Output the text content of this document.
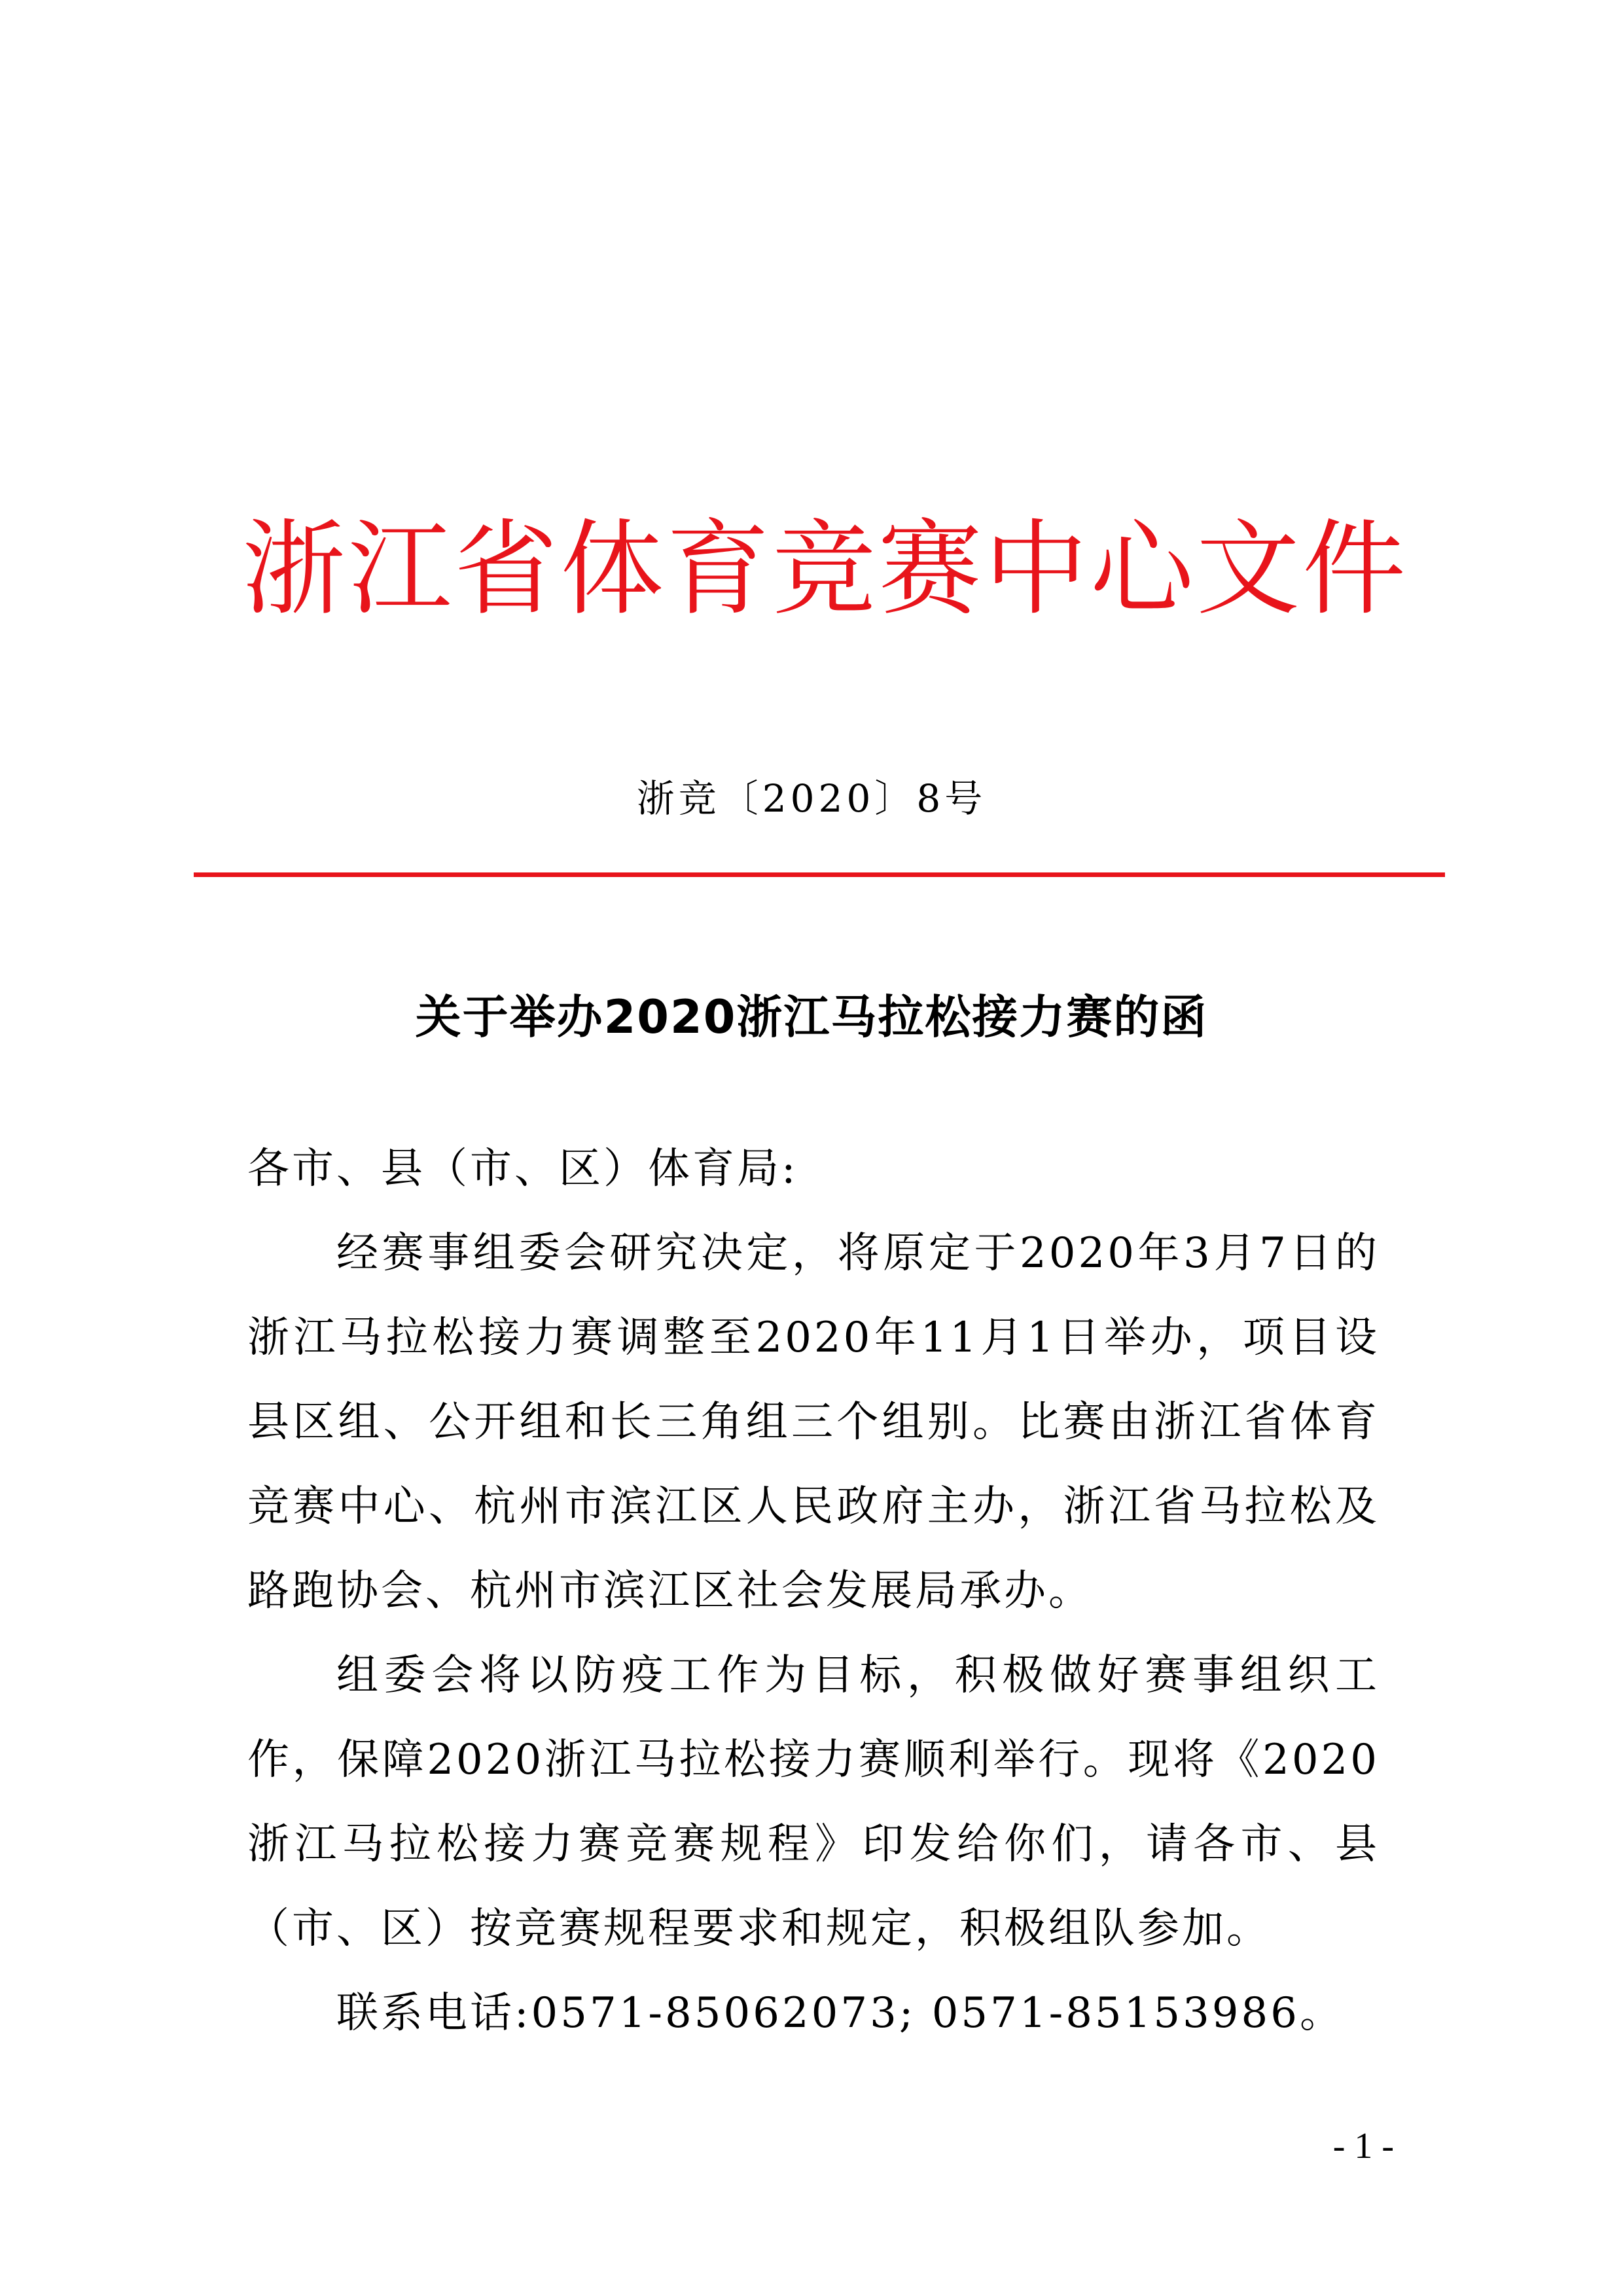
浙江省体育竞赛中心文件
浙竞〔2020〕8号
关于举办2020浙江马拉松接力赛的函
各市、县（市、区）体育局:
经赛事组委会研究决定，将原定于2020年3月7日的浙江马拉松接力赛调整至2020年11月1日举办，项目设县区组、公开组和长三角组三个组别。比赛由浙江省体育竞赛中心、杭州市滨江区人民政府主办，浙江省马拉松及路跑协会、杭州市滨江区社会发展局承办。
组委会将以防疫工作为目标，积极做好赛事组织工作，保障2020浙江马拉松接力赛顺利举行。现将《2020浙江马拉松接力赛竞赛规程》印发给你们，请各市、县（市、区）按竞赛规程要求和规定，积极组队参加。
联系电话:0571-85062073; 0571-85153986。
- 1 -
